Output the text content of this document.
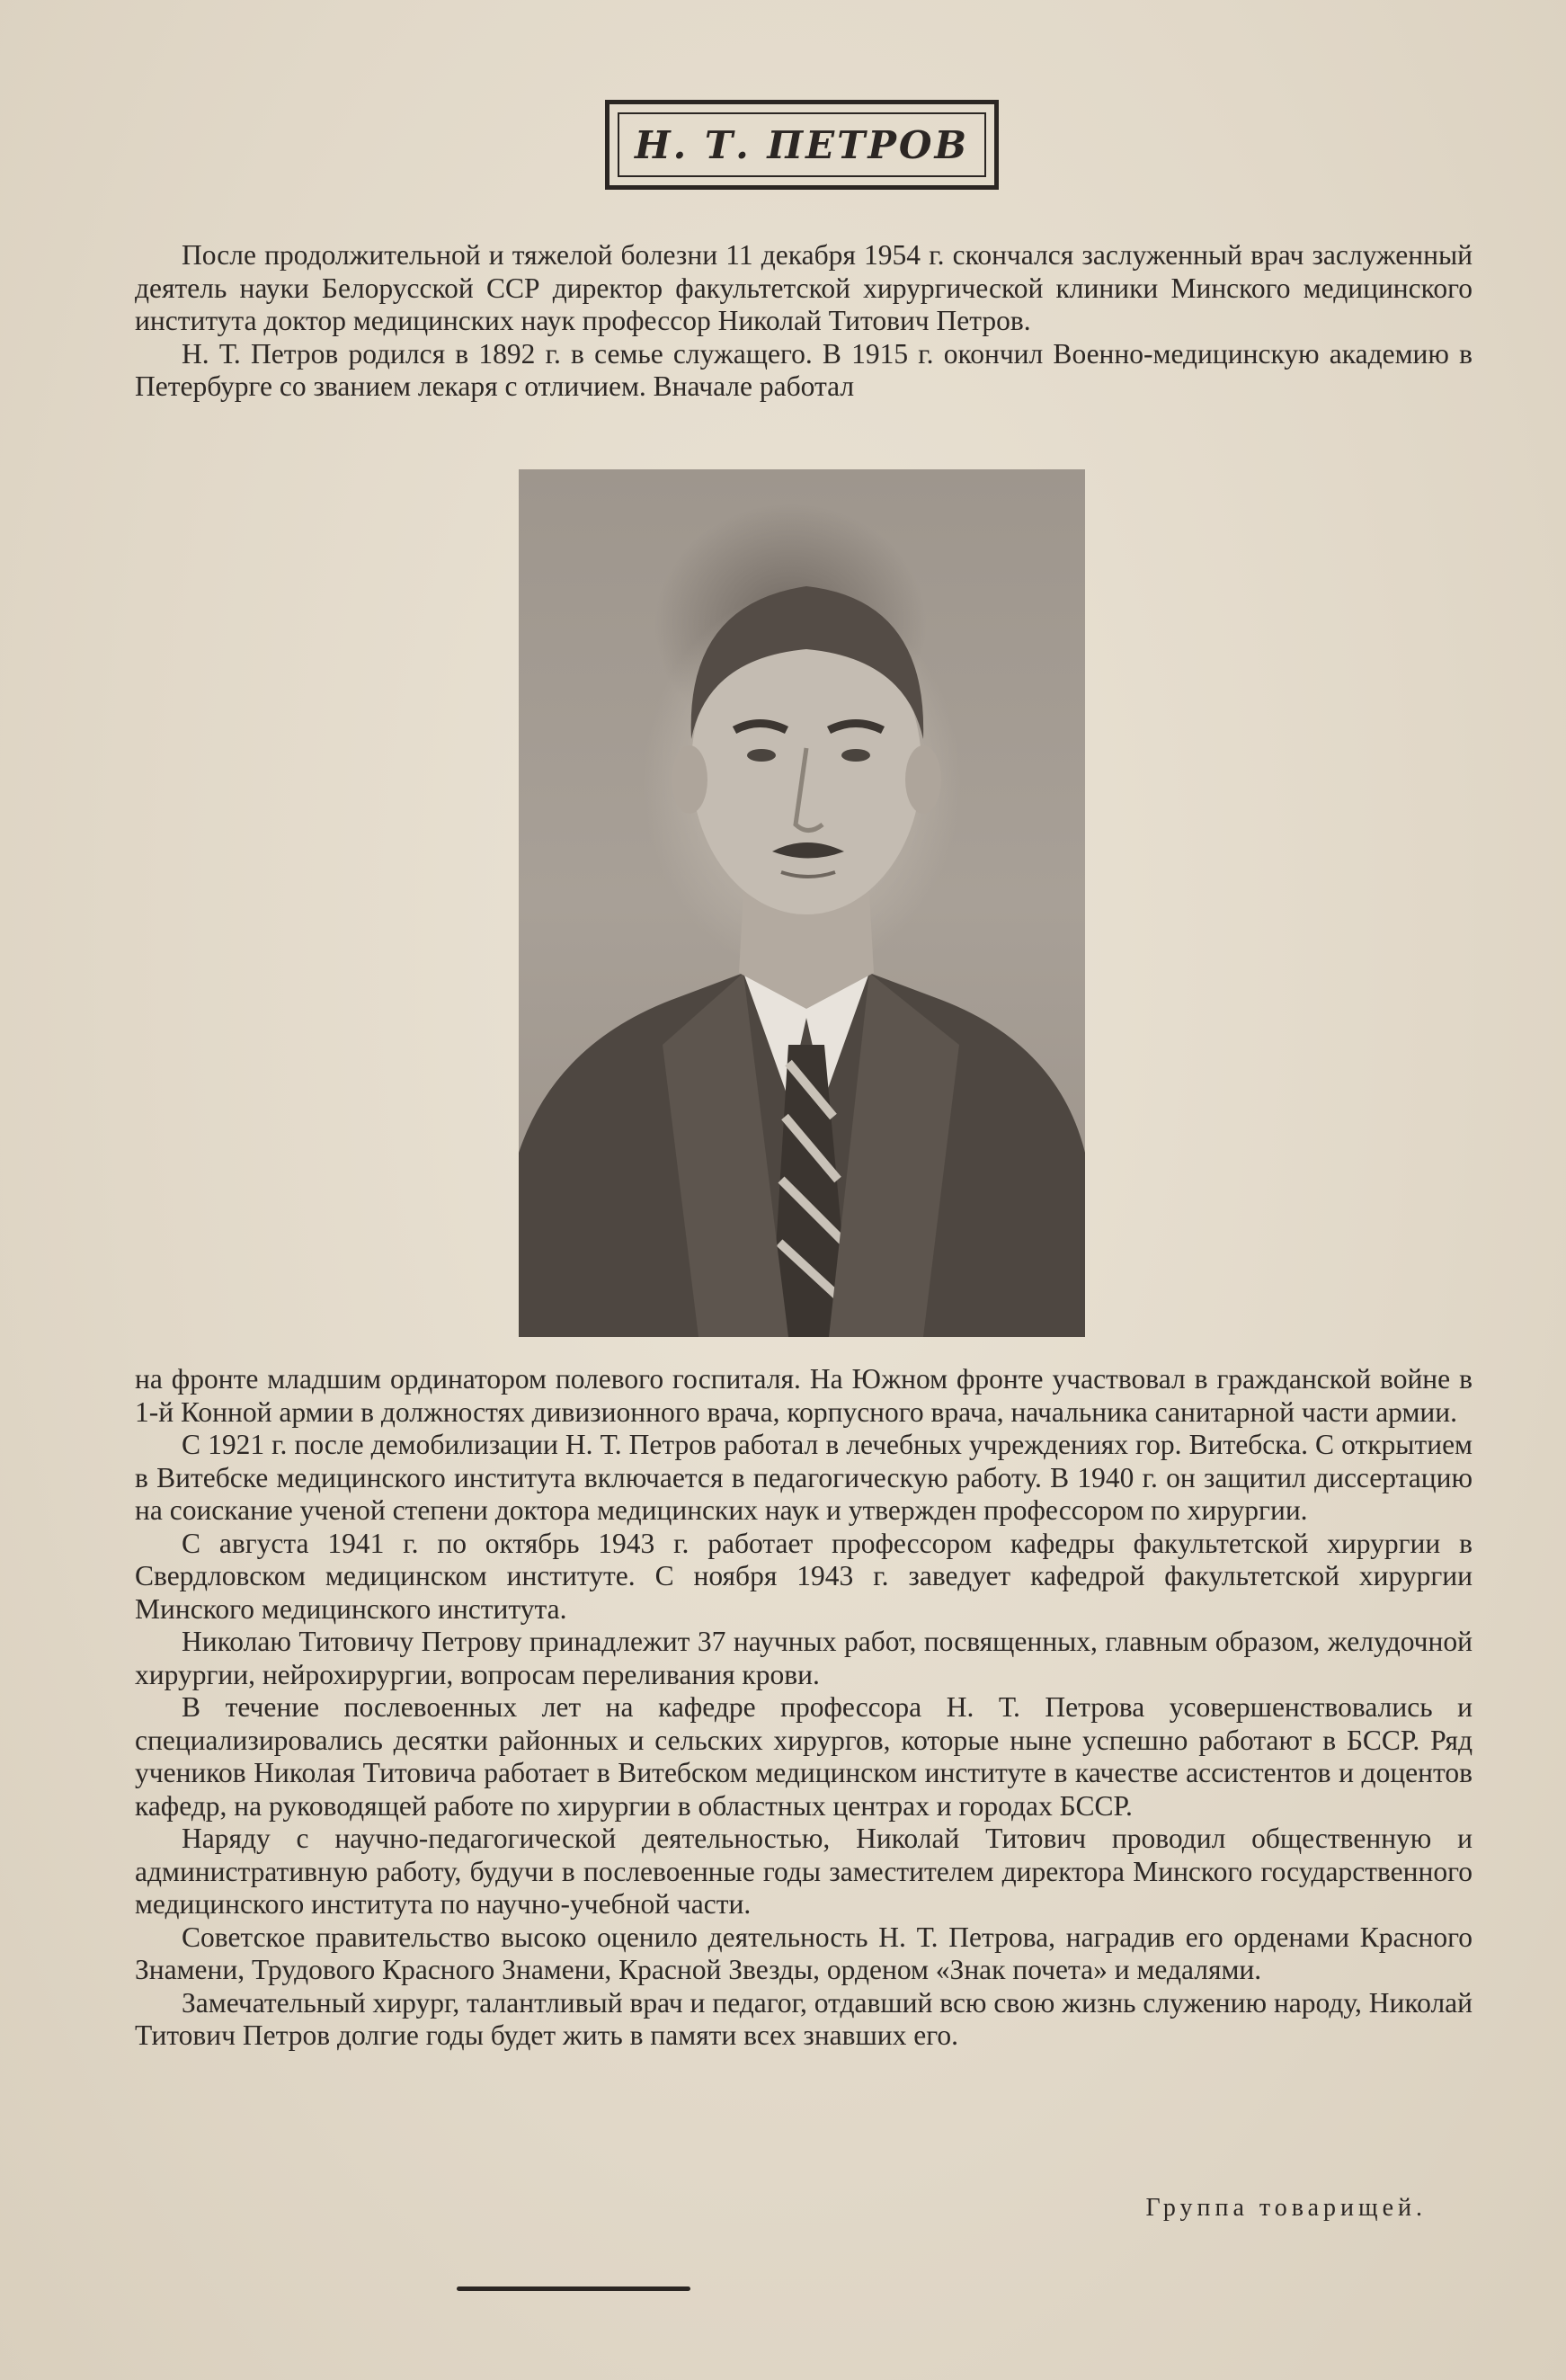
Н. Т. ПЕТРОВ

После продолжительной и тяжелой болезни 11 декабря 1954 г. скончался заслуженный врач заслуженный деятель науки Белорусской ССР директор факультетской хирургической клиники Минского медицинского института доктор медицинских наук профессор Николай Титович Петров.

Н. Т. Петров родился в 1892 г. в семье служащего. В 1915 г. окончил Военно-медицинскую академию в Петербурге со званием лекаря с отличием. Вначале работал

на фронте младшим ординатором полевого госпиталя. На Южном фронте участвовал в гражданской войне в 1-й Конной армии в должностях дивизионного врача, корпусного врача, начальника санитарной части армии.

С 1921 г. после демобилизации Н. Т. Петров работал в лечебных учреждениях гор. Витебска. С открытием в Витебске медицинского института включается в педагогическую работу. В 1940 г. он защитил диссертацию на соискание ученой степени доктора медицинских наук и утвержден профессором по хирургии.

С августа 1941 г. по октябрь 1943 г. работает профессором кафедры факультетской хирургии в Свердловском медицинском институте. С ноября 1943 г. заведует кафедрой факультетской хирургии Минского медицинского института.

Николаю Титовичу Петрову принадлежит 37 научных работ, посвященных, главным образом, желудочной хирургии, нейрохирургии, вопросам переливания крови.

В течение послевоенных лет на кафедре профессора Н. Т. Петрова усовершенствовались и специализировались десятки районных и сельских хирургов, которые ныне успешно работают в БССР. Ряд учеников Николая Титовича работает в Витебском медицинском институте в качестве ассистентов и доцентов кафедр, на руководящей работе по хирургии в областных центрах и городах БССР.

Наряду с научно-педагогической деятельностью, Николай Титович проводил общественную и административную работу, будучи в послевоенные годы заместителем директора Минского государственного медицинского института по научно-учебной части.

Советское правительство высоко оценило деятельность Н. Т. Петрова, наградив его орденами Красного Знамени, Трудового Красного Знамени, Красной Звезды, орденом «Знак почета» и медалями.

Замечательный хирург, талантливый врач и педагог, отдавший всю свою жизнь служению народу, Николай Титович Петров долгие годы будет жить в памяти всех знавших его.

Группа товарищей.
